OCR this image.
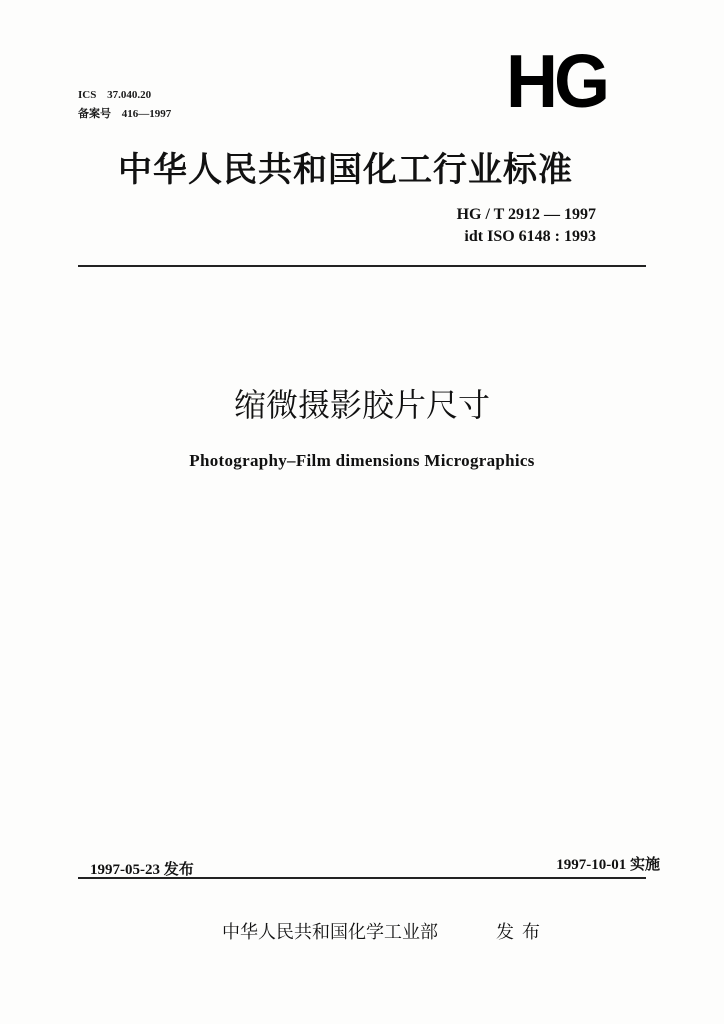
ICS 37.040.20
备案号 416—1997	HG
中华人民共和国化工行业标准
HG / T 2912 — 1997
idt ISO 6148 : 1993
缩微摄影胶片尺寸
Photography–Film dimensions Micrographics
1997-05-23 发布	1997-10-01 实施
中华人民共和国化学工业部	发布
